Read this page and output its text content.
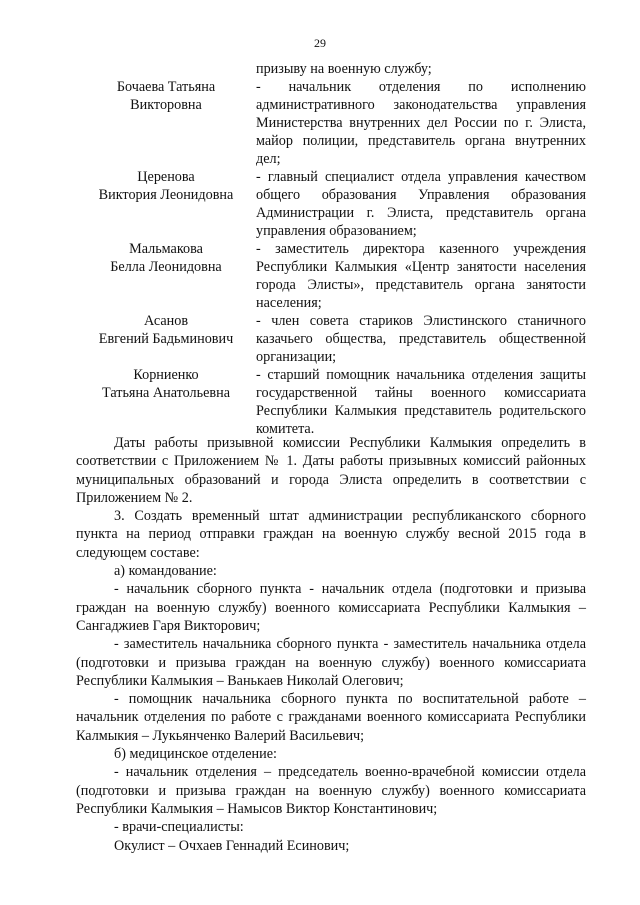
29
призыву на военную службу;
Бочаева Татьяна
Викторовна
- начальник отделения по исполнению административного законодательства управления Министерства внутренних дел России по г. Элиста, майор полиции, представитель органа внутренних дел;
Церенова
Виктория Леонидовна
- главный специалист отдела управления качеством общего образования Управления образования Администрации г. Элиста, представитель органа управления образованием;
Мальмакова
Белла Леонидовна
- заместитель директора казенного учреждения Республики Калмыкия «Центр занятости населения города Элисты», представитель органа занятости населения;
Асанов
Евгений Бадьминович
- член совета стариков Элистинского станичного казачьего общества, представитель общественной организации;
Корниенко
Татьяна Анатольевна
- старший помощник начальника отделения защиты государственной тайны военного комиссариата Республики Калмыкия представитель родительского комитета.

Даты работы призывной комиссии Республики Калмыкия определить в соответствии с Приложением № 1. Даты работы призывных комиссий районных муниципальных образований и города Элиста определить в соответствии с Приложением № 2.

3. Создать временный штат администрации республиканского сборного пункта на период отправки граждан на военную службу весной 2015 года в следующем составе:

а) командование:

- начальник сборного пункта - начальник отдела (подготовки и призыва граждан на военную службу) военного комиссариата Республики Калмыкия – Сангаджиев Гаря Викторович;

- заместитель начальника сборного пункта - заместитель начальника отдела (подготовки и призыва граждан на военную службу) военного комиссариата Республики Калмыкия – Ванькаев Николай Олегович;

- помощник начальника сборного пункта по воспитательной работе – начальник отделения по работе с гражданами военного комиссариата Республики Калмыкия – Лукьянченко Валерий Васильевич;

б) медицинское отделение:

- начальник отделения – председатель военно-врачебной комиссии отдела (подготовки и призыва граждан на военную службу) военного комиссариата Республики Калмыкия – Намысов Виктор Константинович;

- врачи-специалисты:

Окулист – Очхаев Геннадий Есинович;
